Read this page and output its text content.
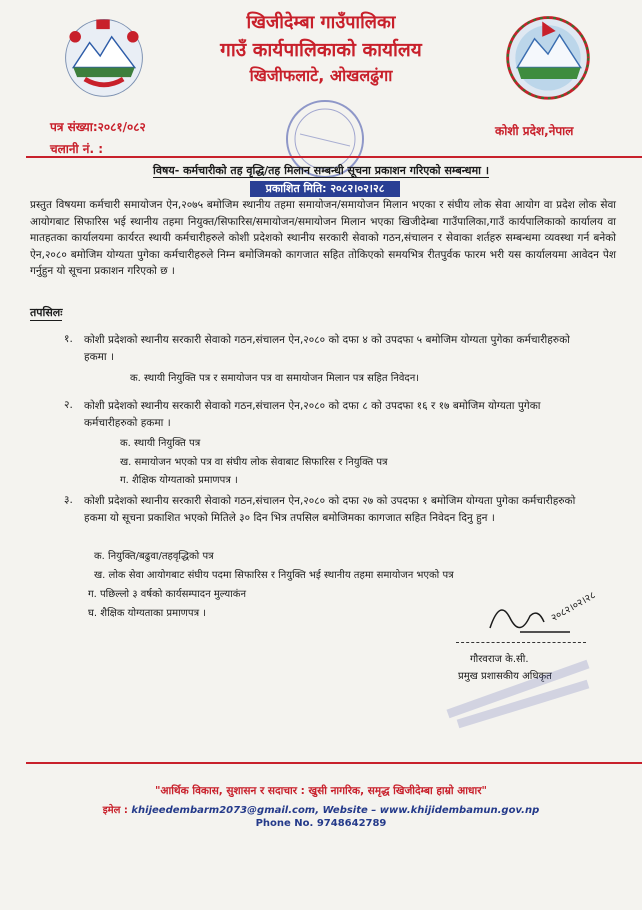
खिजीदेम्बा गाउँपालिका
गाउँ कार्यपालिकाको कार्यालय
खिजीफलाटे, ओखलढुंगा
पत्र संख्या:२०८१/०८२
चलानी नं. :
कोशी प्रदेश,नेपाल
विषय- कर्मचारीको तह वृद्धि/तह मिलान सम्बन्धी सूचना प्रकाशन गरिएको सम्बन्धमा ।
प्रकाशित मिति: २०८२।०२।२८
प्रस्तुत विषयमा कर्मचारी समायोजन ऐन,२०७५ बमोजिम स्थानीय तहमा समायोजन/समायोजन मिलान भएका र संघीय लोक सेवा आयोग वा प्रदेश लोक सेवा आयोगबाट सिफारिस भई स्थानीय तहमा नियुक्त/सिफारिस/समायोजन/समायोजन मिलान भएका खिजीदेम्बा गाउँपालिका,गाउँ कार्यपालिकाको कार्यालय वा मातहतका कार्यालयमा कार्यरत स्थायी कर्मचारीहरुले कोशी प्रदेशको स्थानीय सरकारी सेवाको गठन,संचालन र सेवाका शर्तहरु सम्बन्धमा व्यवस्था गर्न बनेको ऐन,२०८० बमोजिम योग्यता पुगेका कर्मचारीहरुले निम्न बमोजिमको कागजात सहित तोकिएको समयभित्र रीतपुर्वक फारम भरी यस कार्यालयमा आवेदन पेश गर्नुहुन यो सूचना प्रकाशन गरिएको छ ।
तपसिलः
१. कोशी प्रदेशको स्थानीय सरकारी सेवाको गठन,संचालन ऐन,२०८० को दफा ४ को उपदफा ५ बमोजिम योग्यता पुगेका कर्मचारीहरुको हकमा ।
क. स्थायी नियुक्ति पत्र र समायोजन पत्र वा समायोजन मिलान पत्र सहित निवेदन।
२. कोशी प्रदेशको स्थानीय सरकारी सेवाको गठन,संचालन ऐन,२०८० को दफा ८ को उपदफा १६ र १७ बमोजिम योग्यता पुगेका कर्मचारीहरुको हकमा ।
क. स्थायी नियुक्ति पत्र
ख. समायोजन भएको पत्र वा संघीय लोक सेवाबाट सिफारिस र नियुक्ति पत्र
ग. शैक्षिक योग्यताको प्रमाणपत्र ।
३. कोशी प्रदेशको स्थानीय सरकारी सेवाको गठन,संचालन ऐन,२०८० को दफा २७ को उपदफा १ बमोजिम योग्यता पुगेका कर्मचारीहरुको हकमा यो सूचना प्रकाशित भएको मितिले ३० दिन भित्र तपसिल बमोजिमका कागजात सहित निवेदन दिनु हुन ।
क. नियुक्ति/बढुवा/तहवृद्धिको पत्र
ख. लोक सेवा आयोगबाट संघीय पदमा सिफारिस र नियुक्ति भई स्थानीय तहमा समायोजन भएको पत्र
ग. पछिल्लो ३ वर्षको कार्यसम्पादन मुल्याकंन
घ. शैक्षिक योग्यताका प्रमाणपत्र ।	२०८२।०२।२८
गौरवराज के.सी.
प्रमुख प्रशासकीय अधिकृत
"आर्थिक विकास, सुशासन र सदाचार : खुसी नागरिक, समृद्ध खिजीदेम्बा हाम्रो आधार"
इमेल : khijeedembarm2073@gmail.com, Website – www.khijidembamun.gov.np
Phone No. 9748642789
